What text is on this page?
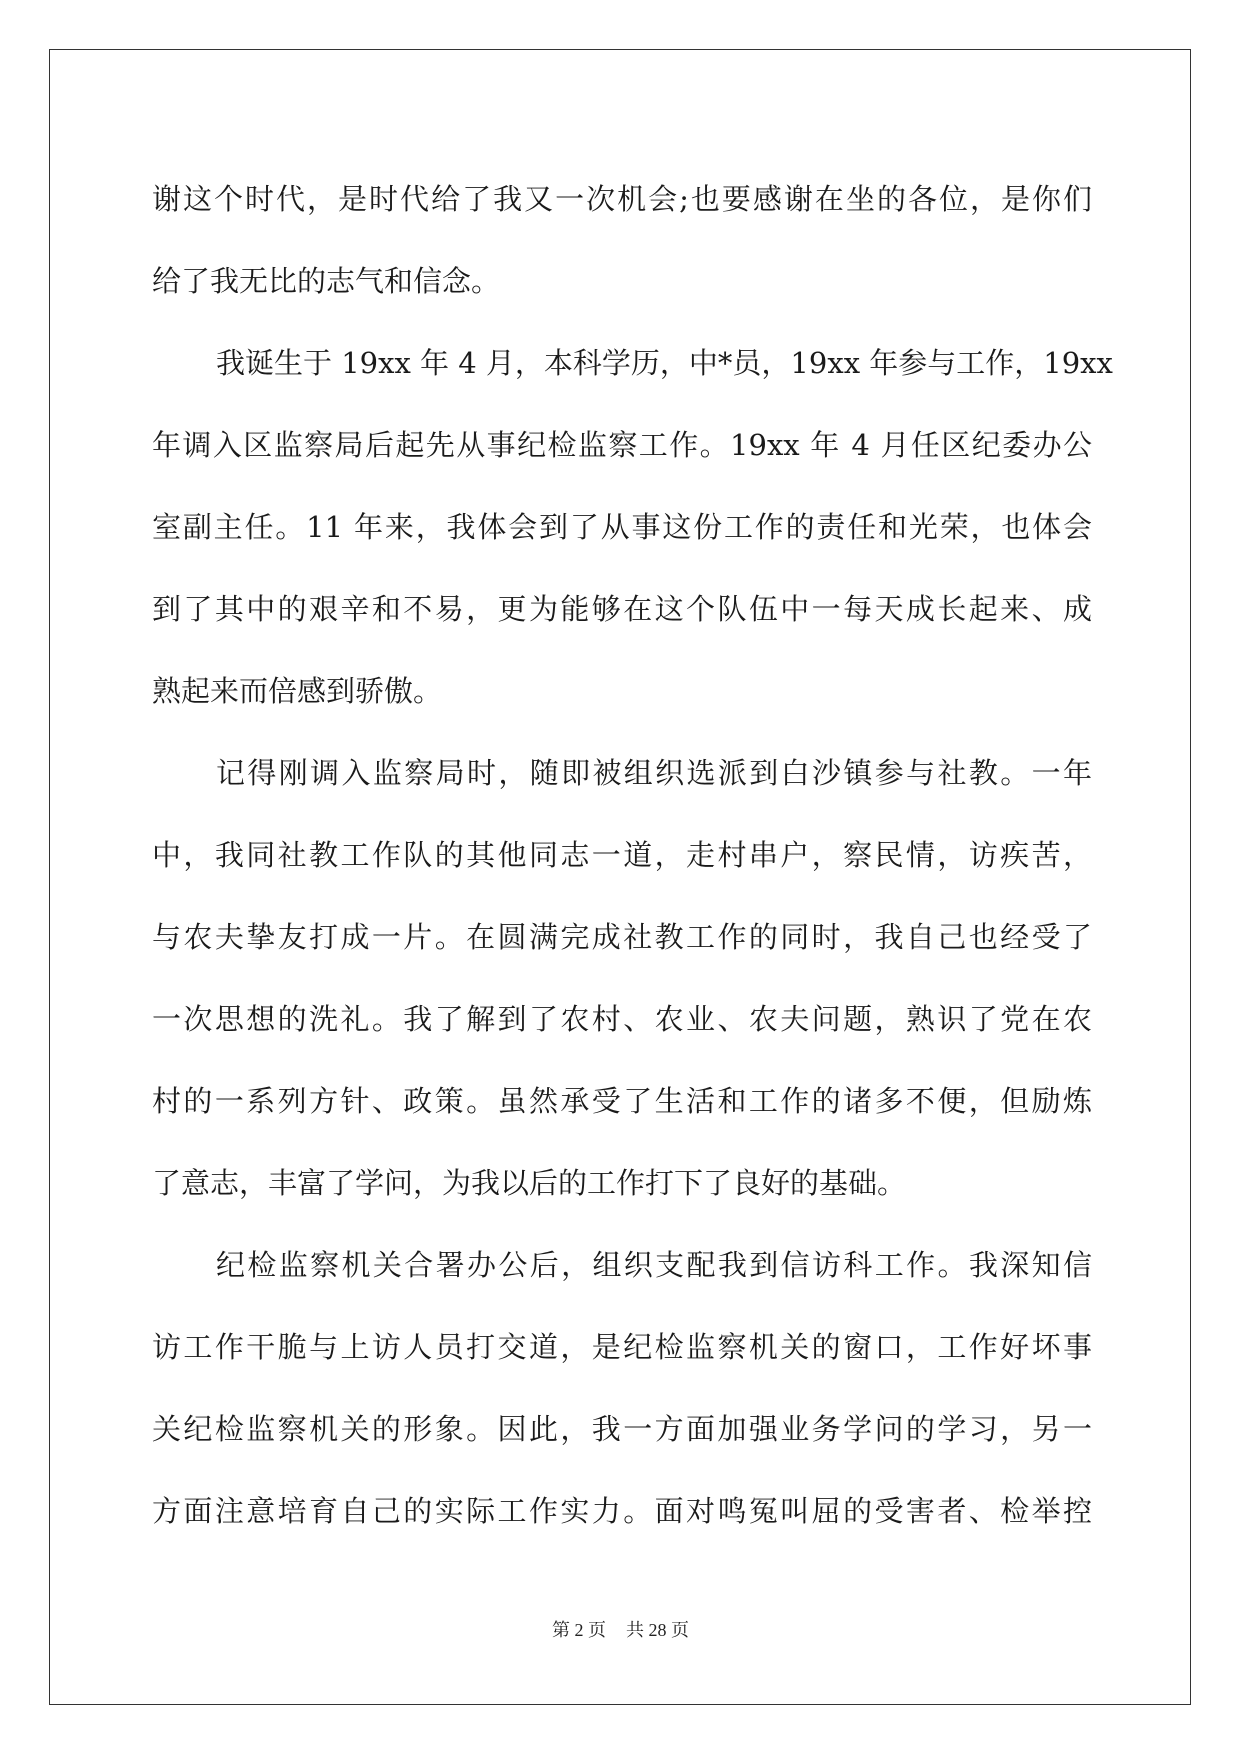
谢这个时代，是时代给了我又一次机会;也要感谢在坐的各位，是你们
给了我无比的志气和信念。
我诞生于 19xx 年 4 月，本科学历，中*员，19xx 年参与工作，19xx
年调入区监察局后起先从事纪检监察工作。19xx 年 4 月任区纪委办公
室副主任。11 年来，我体会到了从事这份工作的责任和光荣，也体会
到了其中的艰辛和不易，更为能够在这个队伍中一每天成长起来、成
熟起来而倍感到骄傲。
记得刚调入监察局时，随即被组织选派到白沙镇参与社教。一年
中，我同社教工作队的其他同志一道，走村串户，察民情，访疾苦，
与农夫挚友打成一片。在圆满完成社教工作的同时，我自己也经受了
一次思想的洗礼。我了解到了农村、农业、农夫问题，熟识了党在农
村的一系列方针、政策。虽然承受了生活和工作的诸多不便，但励炼
了意志，丰富了学问，为我以后的工作打下了良好的基础。
纪检监察机关合署办公后，组织支配我到信访科工作。我深知信
访工作干脆与上访人员打交道，是纪检监察机关的窗口，工作好坏事
关纪检监察机关的形象。因此，我一方面加强业务学问的学习，另一
方面注意培育自己的实际工作实力。面对鸣冤叫屈的受害者、检举控
第 2 页 共 28 页
